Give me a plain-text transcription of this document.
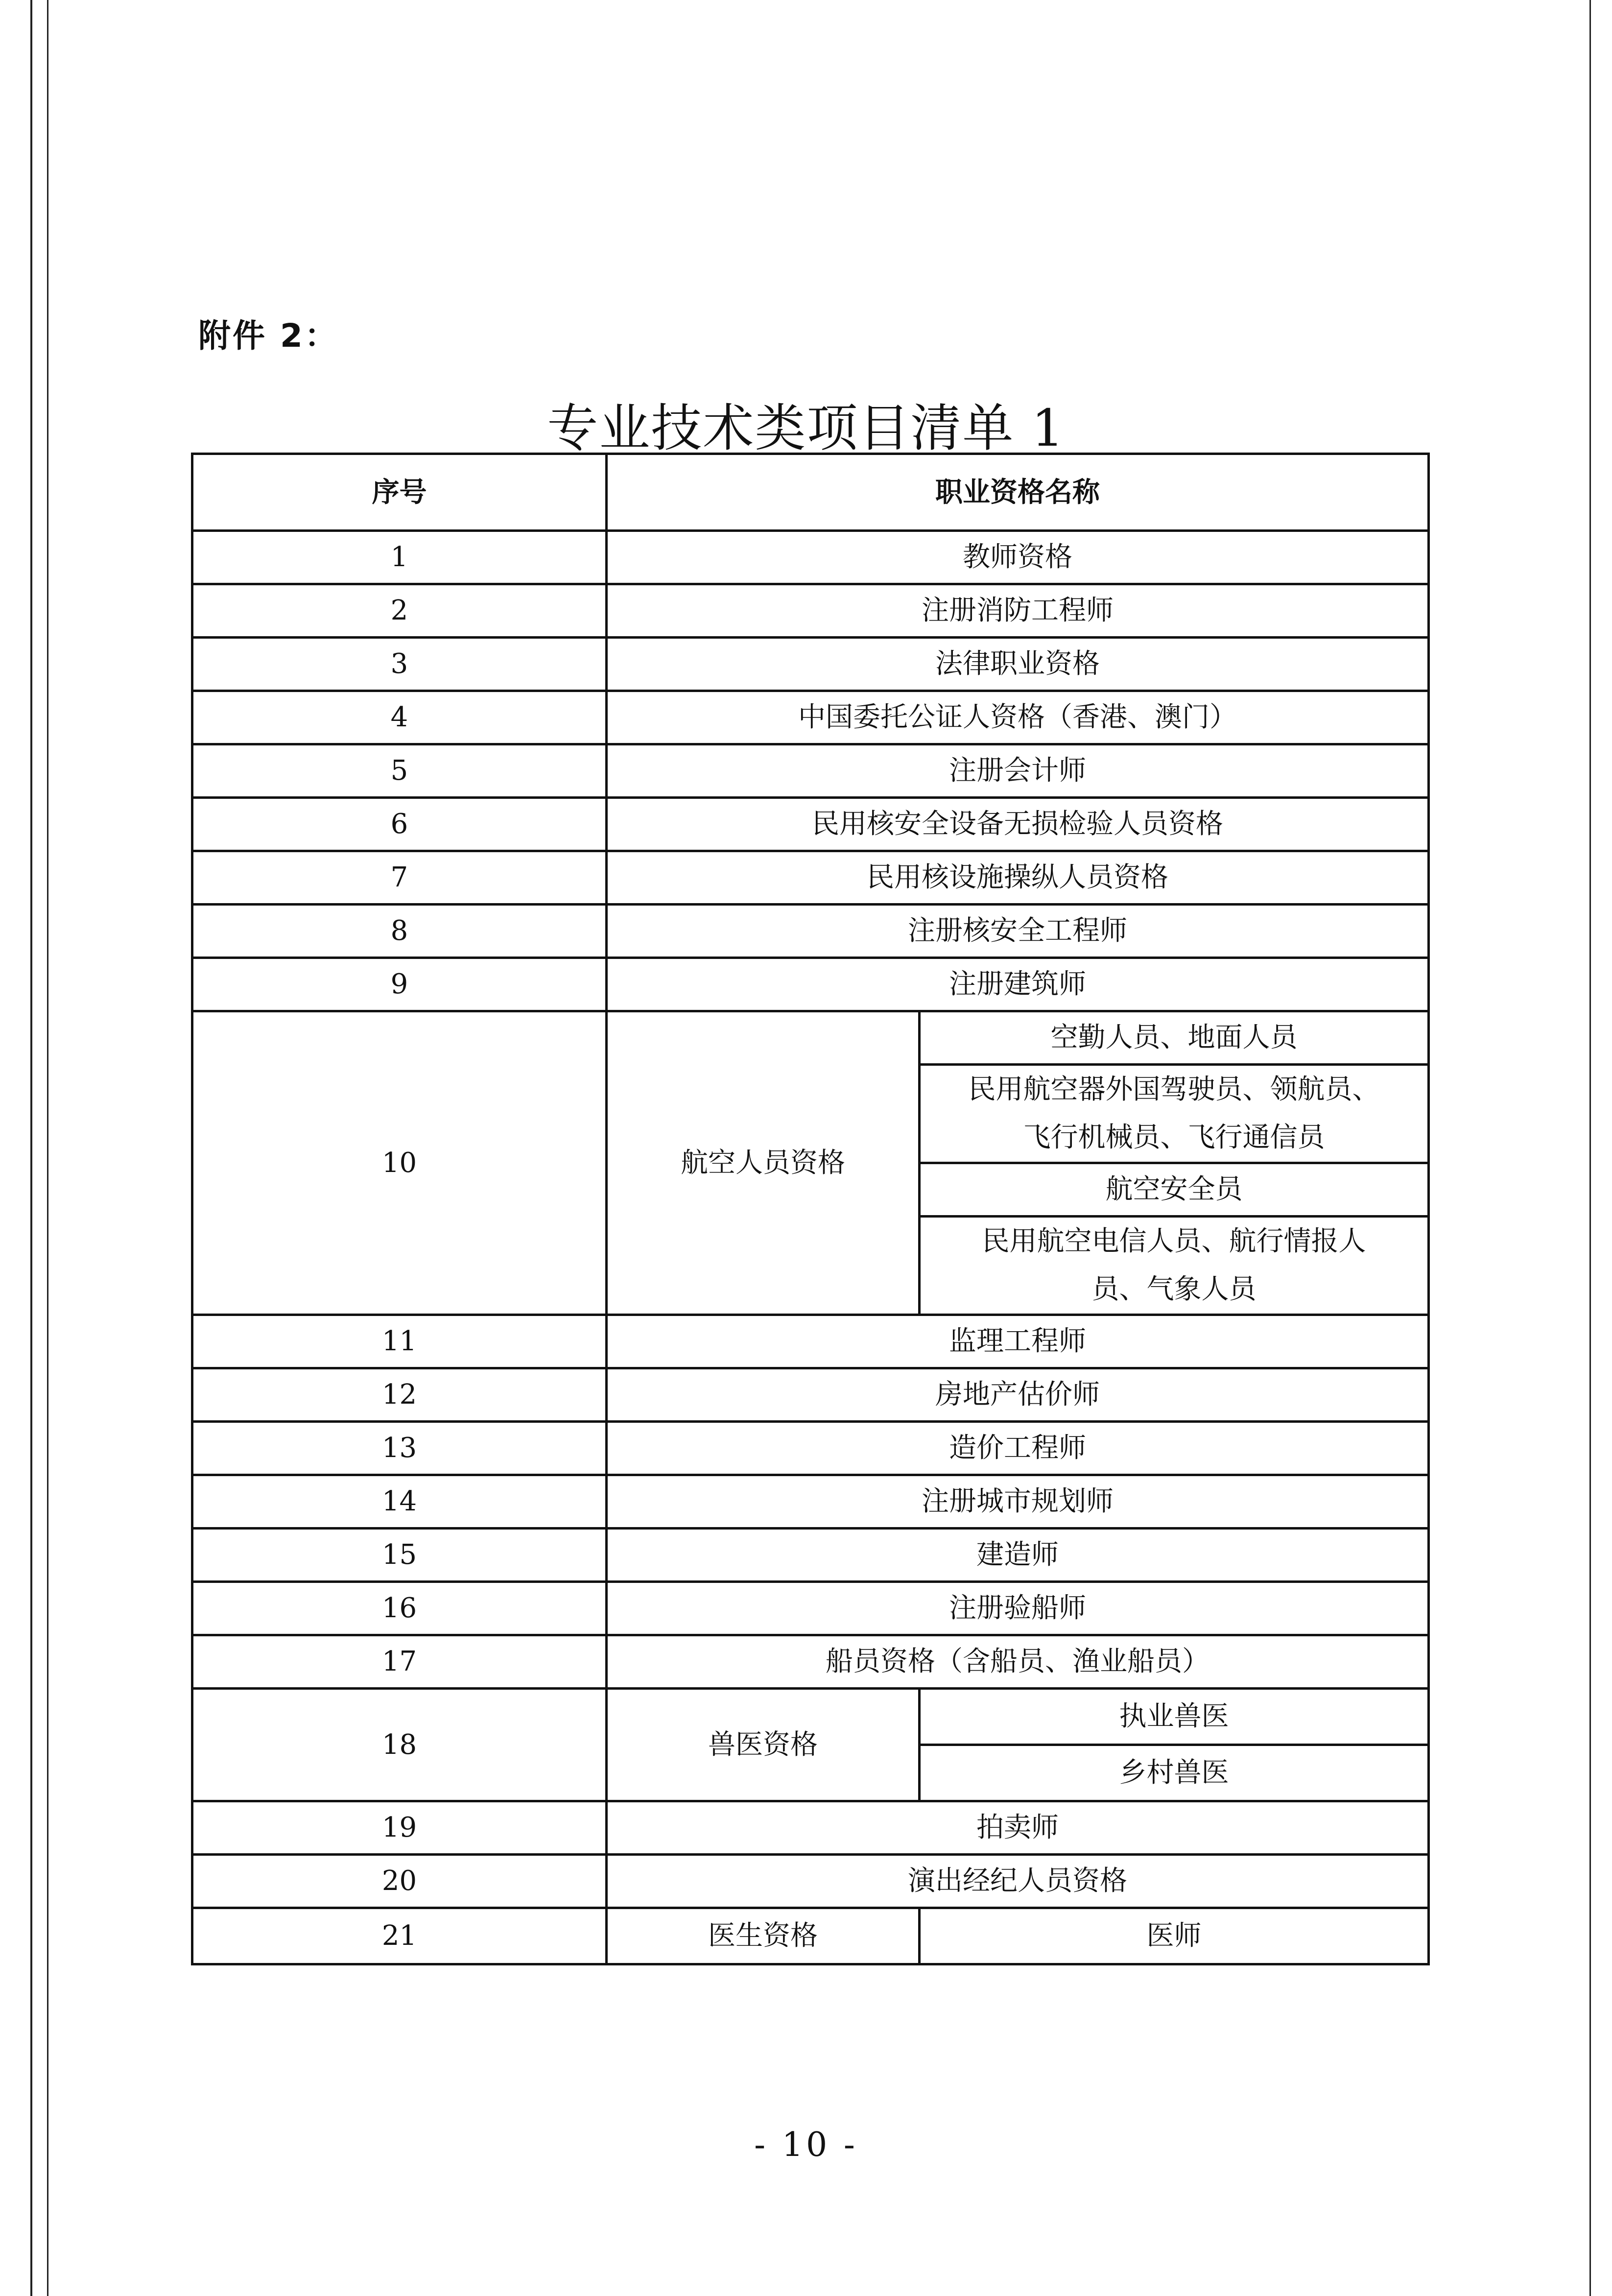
附件 2：

专业技术类项目清单 1
序号	职业资格名称	
1	教师资格	
2	注册消防工程师	
3	法律职业资格	
4	中国委托公证人资格（香港、澳门）	
5	注册会计师	
6	民用核安全设备无损检验人员资格	
7	民用核设施操纵人员资格	
8	注册核安全工程师	
9	注册建筑师	
10	航空人员资格	空勤人员、地面人员
		民用航空器外国驾驶员、领航员、飞行机械员、飞行通信员
		航空安全员
		民用航空电信人员、航行情报人员、气象人员
11	监理工程师	
12	房地产估价师	
13	造价工程师	
14	注册城市规划师	
15	建造师	
16	注册验船师	
17	船员资格（含船员、渔业船员）	
18	兽医资格	执业兽医
		乡村兽医
19	拍卖师	
20	演出经纪人员资格	
21	医生资格	医师

- 10 -
